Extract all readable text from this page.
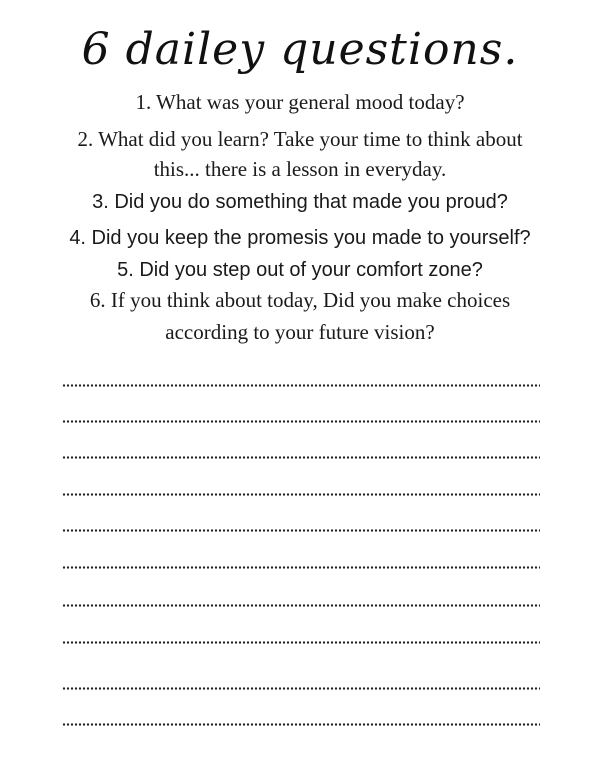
6 dailey questions.
1. What was your general mood today?
2. What did you learn? Take your time to think about
this... there is a lesson in everyday.
3. Did you do something that made you proud?
4. Did you keep the promesis you made to yourself?
5. Did you step out of your comfort zone?
6. If you think about today, Did you make choices
according to your future vision?
